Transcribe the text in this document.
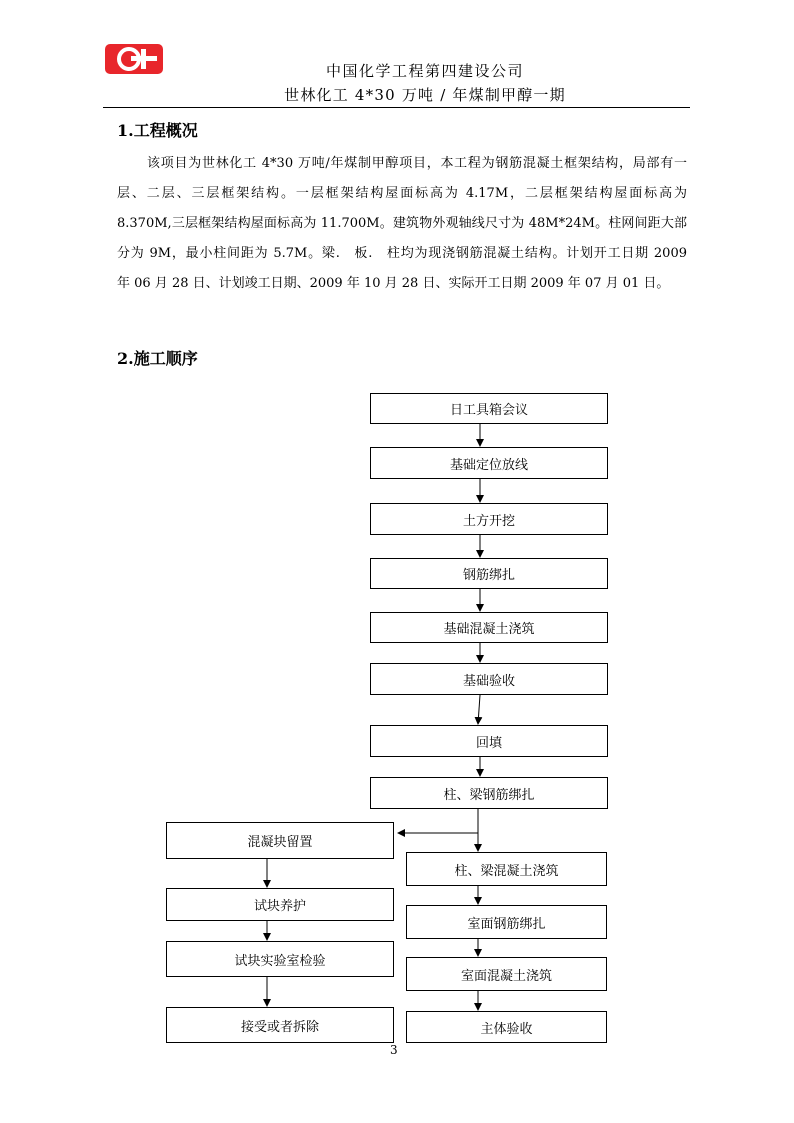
中国化学工程第四建设公司
世林化工 4*30 万吨 / 年煤制甲醇一期
1.工程概况
该项目为世林化工 4*30 万吨/年煤制甲醇项目，本工程为钢筋混凝土框架结构，局部有一
层、二层、三层框架结构。一层框架结构屋面标高为 4.17M，二层框架结构屋面标高为
8.370M,三层框架结构屋面标高为 11.700M。建筑物外观轴线尺寸为 48M*24M。柱网间距大部
分为 9M，最小柱间距为 5.7M。梁.　板.　柱均为现浇钢筋混凝土结构。计划开工日期 2009
年 06 月 28 日、计划竣工日期、2009 年 10 月 28 日、实际开工日期 2009 年 07 月 01 日。
2.施工顺序
日工具箱会议
基础定位放线
土方开挖
钢筋绑扎
基础混凝土浇筑
基础验收
回填
柱、梁钢筋绑扎
柱、梁混凝土浇筑
室面钢筋绑扎
室面混凝土浇筑
主体验收
混凝块留置
试块养护
试块实验室检验
接受或者拆除
3
